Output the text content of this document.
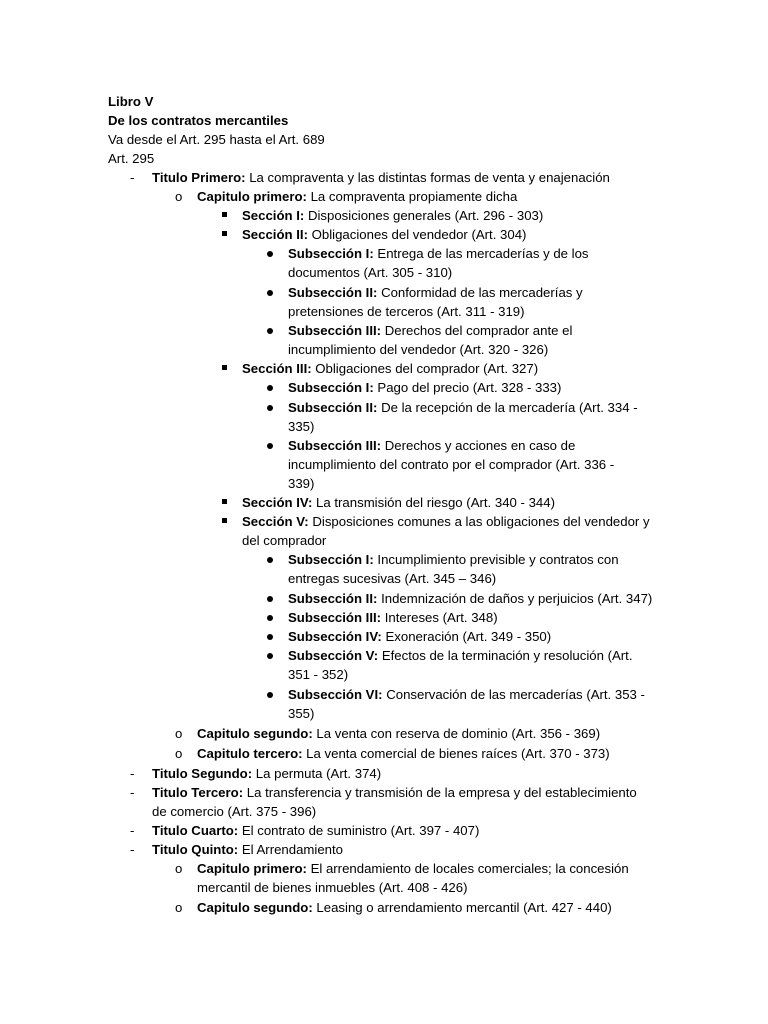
Libro V
De los contratos mercantiles
Va desde el Art. 295 hasta el Art. 689
Art. 295
- Titulo Primero: La compraventa y las distintas formas de venta y enajenación
o Capitulo primero: La compraventa propiamente dicha
Sección I: Disposiciones generales (Art. 296 - 303)
Sección II: Obligaciones del vendedor (Art. 304)
Subsección I: Entrega de las mercaderías y de los
documentos (Art. 305 - 310)
Subsección II: Conformidad de las mercaderías y
pretensiones de terceros (Art. 311 - 319)
Subsección III: Derechos del comprador ante el
incumplimiento del vendedor (Art. 320 - 326)
Sección III: Obligaciones del comprador (Art. 327)
Subsección I: Pago del precio (Art. 328 - 333)
Subsección II: De la recepción de la mercadería (Art. 334 -
335)
Subsección III: Derechos y acciones en caso de
incumplimiento del contrato por el comprador (Art. 336 -
339)
Sección IV: La transmisión del riesgo (Art. 340 - 344)
Sección V: Disposiciones comunes a las obligaciones del vendedor y
del comprador
Subsección I: Incumplimiento previsible y contratos con
entregas sucesivas (Art. 345 – 346)
Subsección II: Indemnización de daños y perjuicios (Art. 347)
Subsección III: Intereses (Art. 348)
Subsección IV: Exoneración (Art. 349 - 350)
Subsección V: Efectos de la terminación y resolución (Art.
351 - 352)
Subsección VI: Conservación de las mercaderías (Art. 353 -
355)
o Capitulo segundo: La venta con reserva de dominio (Art. 356 - 369)
o Capitulo tercero: La venta comercial de bienes raíces (Art. 370 - 373)
- Titulo Segundo: La permuta (Art. 374)
- Titulo Tercero: La transferencia y transmisión de la empresa y del establecimiento
de comercio (Art. 375 - 396)
- Titulo Cuarto: El contrato de suministro (Art. 397 - 407)
- Titulo Quinto: El Arrendamiento
o Capitulo primero: El arrendamiento de locales comerciales; la concesión
mercantil de bienes inmuebles (Art. 408 - 426)
o Capitulo segundo: Leasing o arrendamiento mercantil (Art. 427 - 440)
